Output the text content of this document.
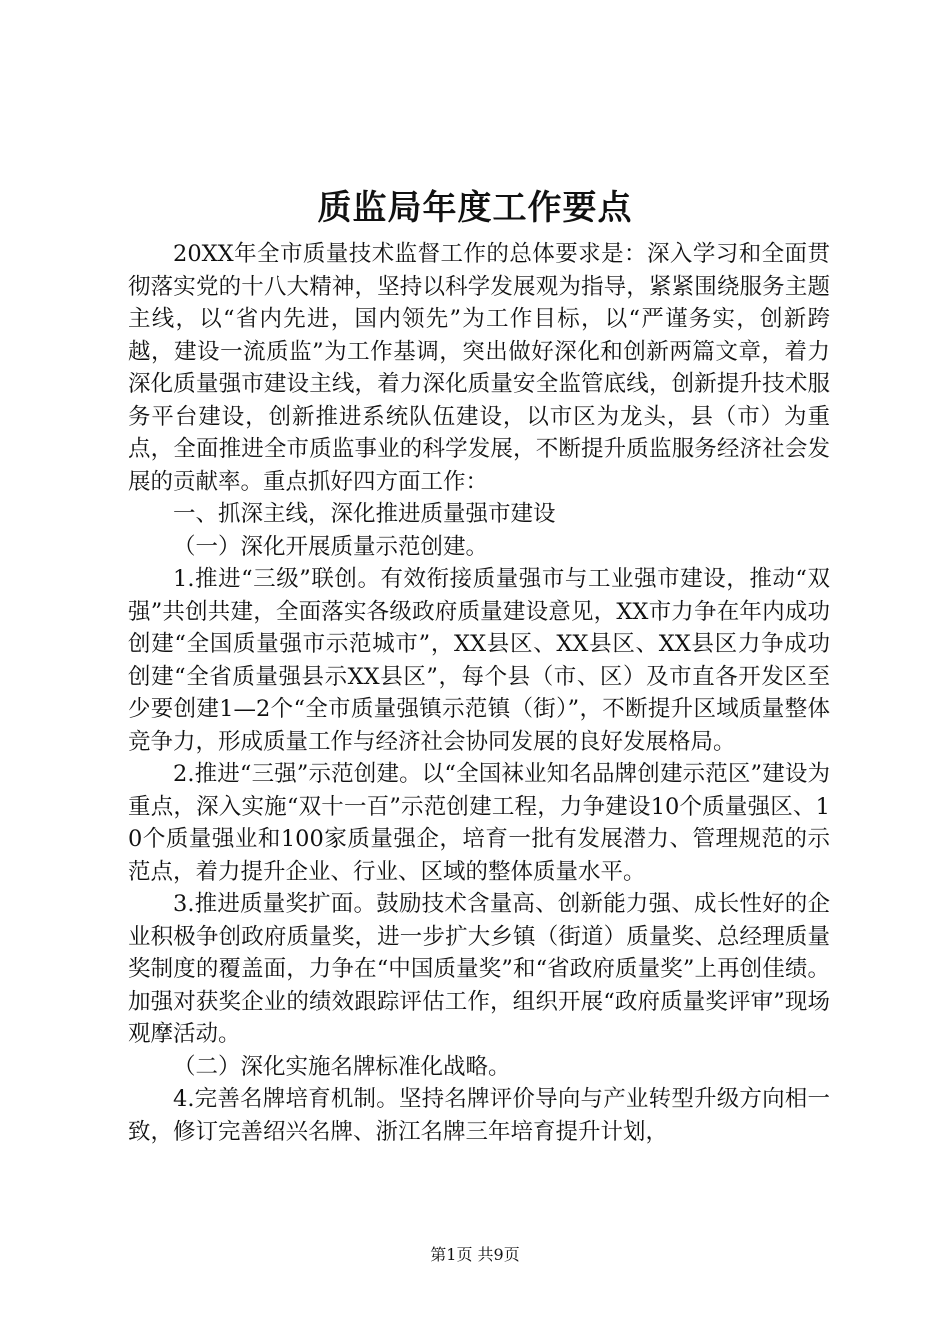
质监局年度工作要点

20XX年全市质量技术监督工作的总体要求是：深入学习和全面贯彻落实党的十八大精神，坚持以科学发展观为指导，紧紧围绕服务主题主线，以“省内先进，国内领先”为工作目标，以“严谨务实，创新跨越，建设一流质监”为工作基调，突出做好深化和创新两篇文章，着力深化质量强市建设主线，着力深化质量安全监管底线，创新提升技术服务平台建设，创新推进系统队伍建设，以市区为龙头，县（市）为重点，全面推进全市质监事业的科学发展，不断提升质监服务经济社会发展的贡献率。重点抓好四方面工作：

一、抓深主线，深化推进质量强市建设

（一）深化开展质量示范创建。

1.推进“三级”联创。有效衔接质量强市与工业强市建设，推动“双强”共创共建，全面落实各级政府质量建设意见，XX市力争在年内成功创建“全国质量强市示范城市”，XX县区、XX县区、XX县区力争成功创建“全省质量强县示XX县区”，每个县（市、区）及市直各开发区至少要创建1—2个“全市质量强镇示范镇（街）”，不断提升区域质量整体竞争力，形成质量工作与经济社会协同发展的良好发展格局。

2.推进“三强”示范创建。以“全国袜业知名品牌创建示范区”建设为重点，深入实施“双十一百”示范创建工程，力争建设10个质量强区、10个质量强业和100家质量强企，培育一批有发展潜力、管理规范的示范点，着力提升企业、行业、区域的整体质量水平。

3.推进质量奖扩面。鼓励技术含量高、创新能力强、成长性好的企业积极争创政府质量奖，进一步扩大乡镇（街道）质量奖、总经理质量奖制度的覆盖面，力争在“中国质量奖”和“省政府质量奖”上再创佳绩。加强对获奖企业的绩效跟踪评估工作，组织开展“政府质量奖评审”现场观摩活动。

（二）深化实施名牌标准化战略。

4.完善名牌培育机制。坚持名牌评价导向与产业转型升级方向相一致，修订完善绍兴名牌、浙江名牌三年培育提升计划，

第1页 共9页
